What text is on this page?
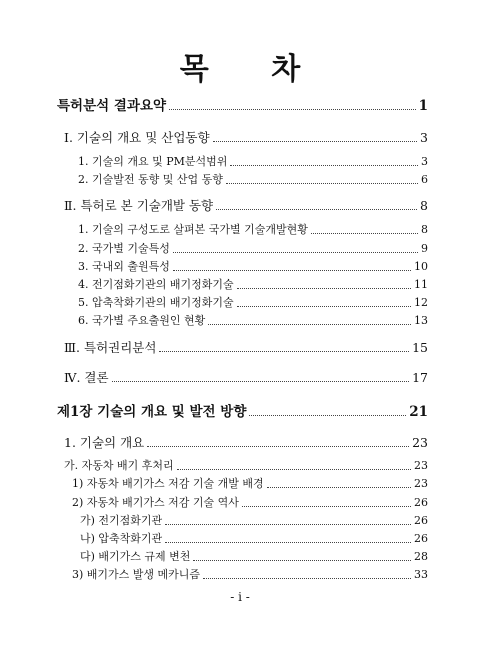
목 차
특허분석 결과요약	1
Ⅰ. 기술의 개요 및 산업동향	3
1. 기술의 개요 및 PM분석범위	3
2. 기술발전 동향 및 산업 동향	6
Ⅱ. 특허로 본 기술개발 동향	8
1. 기술의 구성도로 살펴본 국가별 기술개발현황	8
2. 국가별 기술특성	9
3. 국내외 출원특성	10
4. 전기점화기관의 배기정화기술	11
5. 압축착화기관의 배기정화기술	12
6. 국가별 주요출원인 현황	13
Ⅲ. 특허권리분석	15
Ⅳ. 결론	17
제1장 기술의 개요 및 발전 방향	21
1. 기술의 개요	23
가. 자동차 배기 후처리	23
1) 자동차 배기가스 저감 기술 개발 배경	23
2) 자동차 배기가스 저감 기술 역사	26
가) 전기점화기관	26
나) 압축착화기관	26
다) 배기가스 규제 변천	28
3) 배기가스 발생 메카니즘	33
- i -
